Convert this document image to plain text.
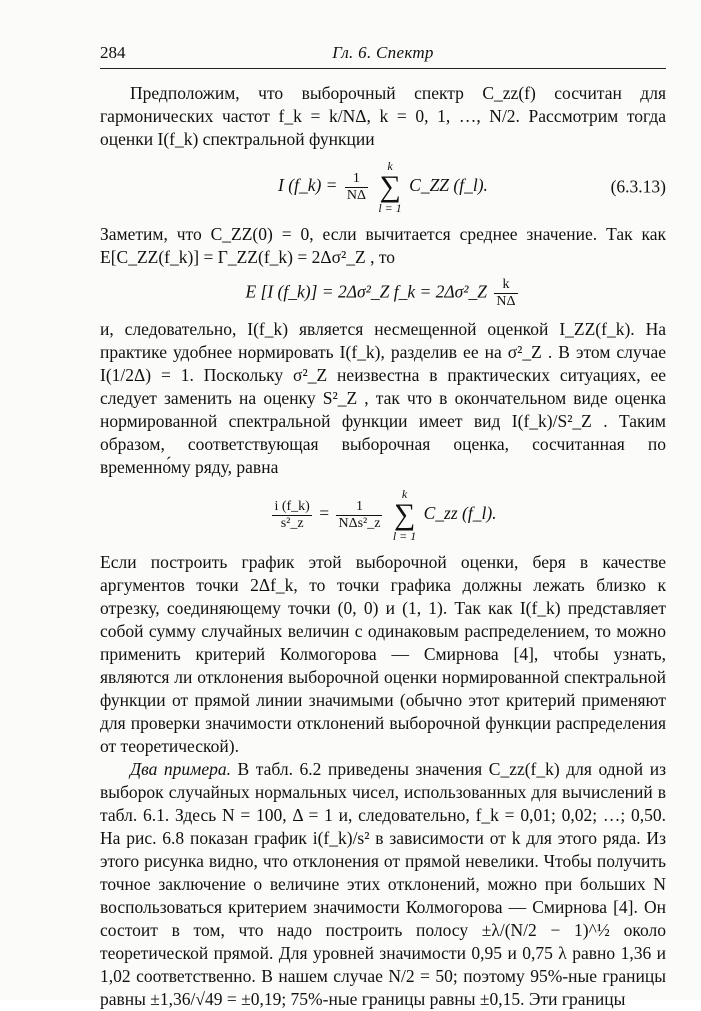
284	Гл. 6. Спектр

Предположим, что выборочный спектр C_zz(f) сосчитан для гармонических частот f_k = k/NΔ, k = 0, 1, …, N/2. Рассмотрим тогда оценки I(f_k) спектральной функции

I (f_k) = $\frac{1}{N\Delta}$

k
∑
l = 1
C_ZZ (f_l).	(6.3.13)

Заметим, что C_ZZ(0) = 0, если вычитается среднее значение. Так как E[C_ZZ(f_k)] = Γ_ZZ(f_k) = 2Δσ²_Z , то

E [I (f_k)] = 2Δσ²_Z f_k = 2Δσ²_Z $\frac{k}{N\Delta}$

и, следовательно, I(f_k) является несмещенной оценкой I_ZZ(f_k). На практике удобнее нормировать I(f_k), разделив ее на σ²_Z . В этом случае I(1/2Δ) = 1. Поскольку σ²_Z неизвестна в практических ситуациях, ее следует заменить на оценку S²_Z , так что в окончательном виде оценка нормированной спектральной функции имеет вид I(f_k)/S²_Z . Таким образом, соответствующая выборочная оценка, сосчитанная по временно́му ряду, равна

$\frac{i (f\_k)}{\text{s²\_z}} = \frac{1}{\text{NΔs²\_z}}$

k
∑
l = 1
C_zz (f_l).

Если построить график этой выборочной оценки, беря в качестве аргументов точки 2Δf_k, то точки графика должны лежать близко к отрезку, соединяющему точки (0, 0) и (1, 1). Так как I(f_k) представляет собой сумму случайных величин с одинаковым распределением, то можно применить критерий Колмогорова — Смирнова [4], чтобы узнать, являются ли отклонения выборочной оценки нормированной спектральной функции от прямой линии значимыми (обычно этот критерий применяют для проверки значимости отклонений выборочной функции распределения от теоретической).

Два примера. В табл. 6.2 приведены значения C_zz(f_k) для одной из выборок случайных нормальных чисел, использованных для вычислений в табл. 6.1. Здесь N = 100, Δ = 1 и, следовательно, f_k = 0,01; 0,02; …; 0,50. На рис. 6.8 показан график i(f_k)/s² в зависимости от k для этого ряда. Из этого рисунка видно, что отклонения от прямой невелики. Чтобы получить точное заключение о величине этих отклонений, можно при больших N воспользоваться критерием значимости Колмогорова — Смирнова [4]. Он состоит в том, что надо построить полосу ±λ/(N/2 − 1)^½ около теоретической прямой. Для уровней значимости 0,95 и 0,75 λ равно 1,36 и 1,02 соответственно. В нашем случае N/2 = 50; поэтому 95%-ные границы равны ±1,36/√49 = ±0,19; 75%-ные границы равны ±0,15. Эти границы
